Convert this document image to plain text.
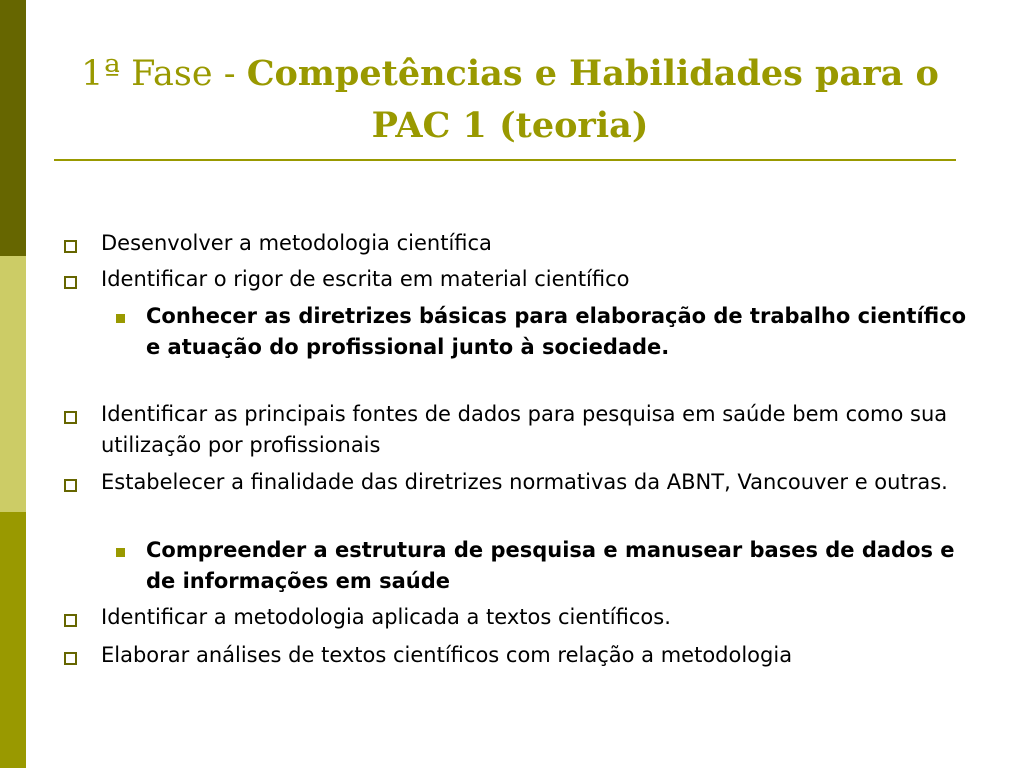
1ª Fase - Competências e Habilidades para o PAC 1 (teoria)
Desenvolver a metodologia científica
Identificar o rigor de escrita em material científico
Conhecer as diretrizes básicas para elaboração de trabalho científico e atuação do profissional junto à sociedade.
Identificar as principais fontes de dados para pesquisa em saúde bem como sua utilização por profissionais
Estabelecer a finalidade das diretrizes normativas da ABNT, Vancouver e outras.
Compreender a estrutura de pesquisa e manusear bases de dados e de informações em saúde
Identificar a metodologia aplicada a textos científicos.
Elaborar análises de textos científicos com relação a metodologia
